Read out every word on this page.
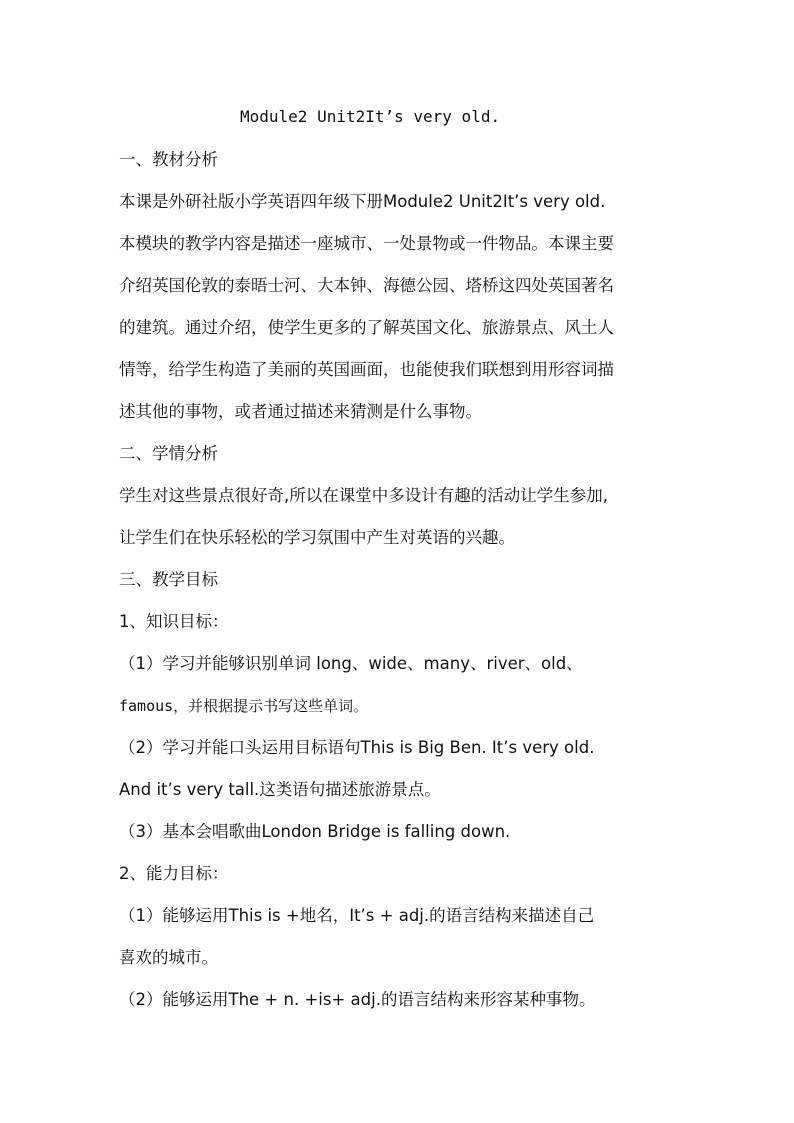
Module2 Unit2It’s very old.
一、教材分析
本课是外研社版小学英语四年级下册Module2 Unit2It’s very old.
本模块的教学内容是描述一座城市、一处景物或一件物品。本课主要
介绍英国伦敦的泰晤士河、大本钟、海德公园、塔桥这四处英国著名
的建筑。通过介绍，使学生更多的了解英国文化、旅游景点、风土人
情等，给学生构造了美丽的英国画面，也能使我们联想到用形容词描
述其他的事物，或者通过描述来猜测是什么事物。
二、学情分析
学生对这些景点很好奇,所以在课堂中多设计有趣的活动让学生参加,
让学生们在快乐轻松的学习氛围中产生对英语的兴趣。
三、教学目标
1、知识目标：
（1）学习并能够识别单词 long、wide、many、river、old、
famous，并根据提示书写这些单词。
（2）学习并能口头运用目标语句This is Big Ben. It’s very old.
And it’s very tall.这类语句描述旅游景点。
（3）基本会唱歌曲London Bridge is falling down.
2、能力目标：
（1）能够运用This is +地名，It’s + adj.的语言结构来描述自己
喜欢的城市。
（2）能够运用The + n. +is+ adj.的语言结构来形容某种事物。
